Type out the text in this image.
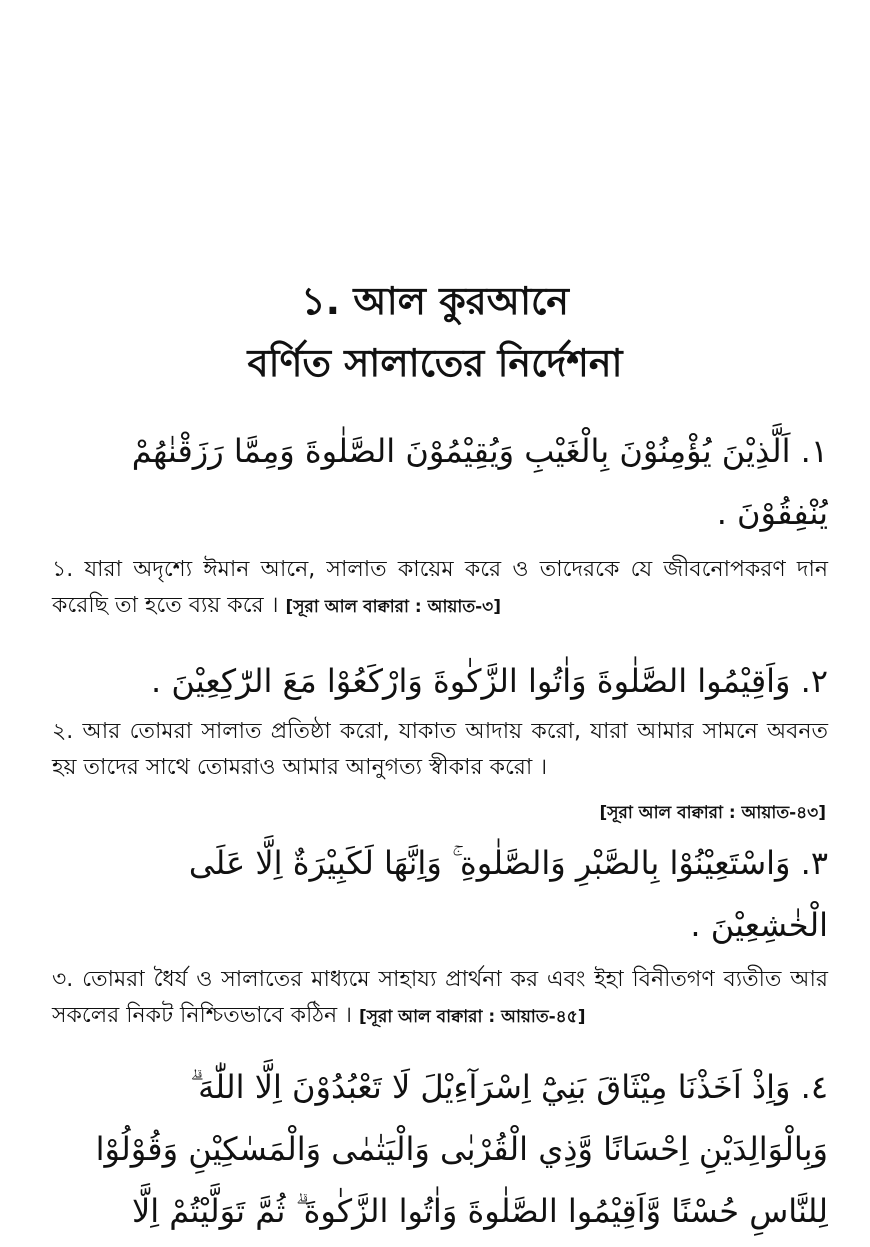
১. আল কুরআনে
বর্ণিত সালাতের নির্দেশনা
١. اَلَّذِيْنَ يُؤْمِنُوْنَ بِالْغَيْبِ وَيُقِيْمُوْنَ الصَّلٰوةَ وَمِمَّا رَزَقْنٰهُمْ
يُنْفِقُوْنَ .
১. যারা অদৃশ্যে ঈমান আনে, সালাত কায়েম করে ও তাদেরকে যে জীবনোপকরণ দান করেছি তা হতে ব্যয় করে । [সূরা আল বাক্বারা : আয়াত-৩]
٢. وَاَقِيْمُوا الصَّلٰوةَ وَاٰتُوا الزَّكٰوةَ وَارْكَعُوْا مَعَ الرّٰكِعِيْنَ .
২. আর তোমরা সালাত প্রতিষ্ঠা করো, যাকাত আদায় করো, যারা আমার সামনে অবনত হয় তাদের সাথে তোমরাও আমার আনুগত্য স্বীকার করো ।
[সূরা আল বাক্বারা : আয়াত-৪৩]
٣. وَاسْتَعِيْنُوْا بِالصَّبْرِ وَالصَّلٰوةِ ۚ وَاِنَّهَا لَكَبِيْرَةٌ اِلَّا عَلَى
الْخٰشِعِيْنَ .
৩. তোমরা ধৈর্য ও সালাতের মাধ্যমে সাহায্য প্রার্থনা কর এবং ইহা বিনীতগণ ব্যতীত আর সকলের নিকট নিশ্চিতভাবে কঠিন । [সূরা আল বাক্বারা : আয়াত-৪৫]
٤. وَاِذْ اَخَذْنَا مِيْثَاقَ بَنِيْٓ اِسْرَآءِيْلَ لَا تَعْبُدُوْنَ اِلَّا اللّٰهَ ۗ
وَبِالْوَالِدَيْنِ اِحْسَانًا وَّذِي الْقُرْبٰى وَالْيَتٰمٰى وَالْمَسٰكِيْنِ وَقُوْلُوْا
لِلنَّاسِ حُسْنًا وَّاَقِيْمُوا الصَّلٰوةَ وَاٰتُوا الزَّكٰوةَ ۗ ثُمَّ تَوَلَّيْتُمْ اِلَّا
